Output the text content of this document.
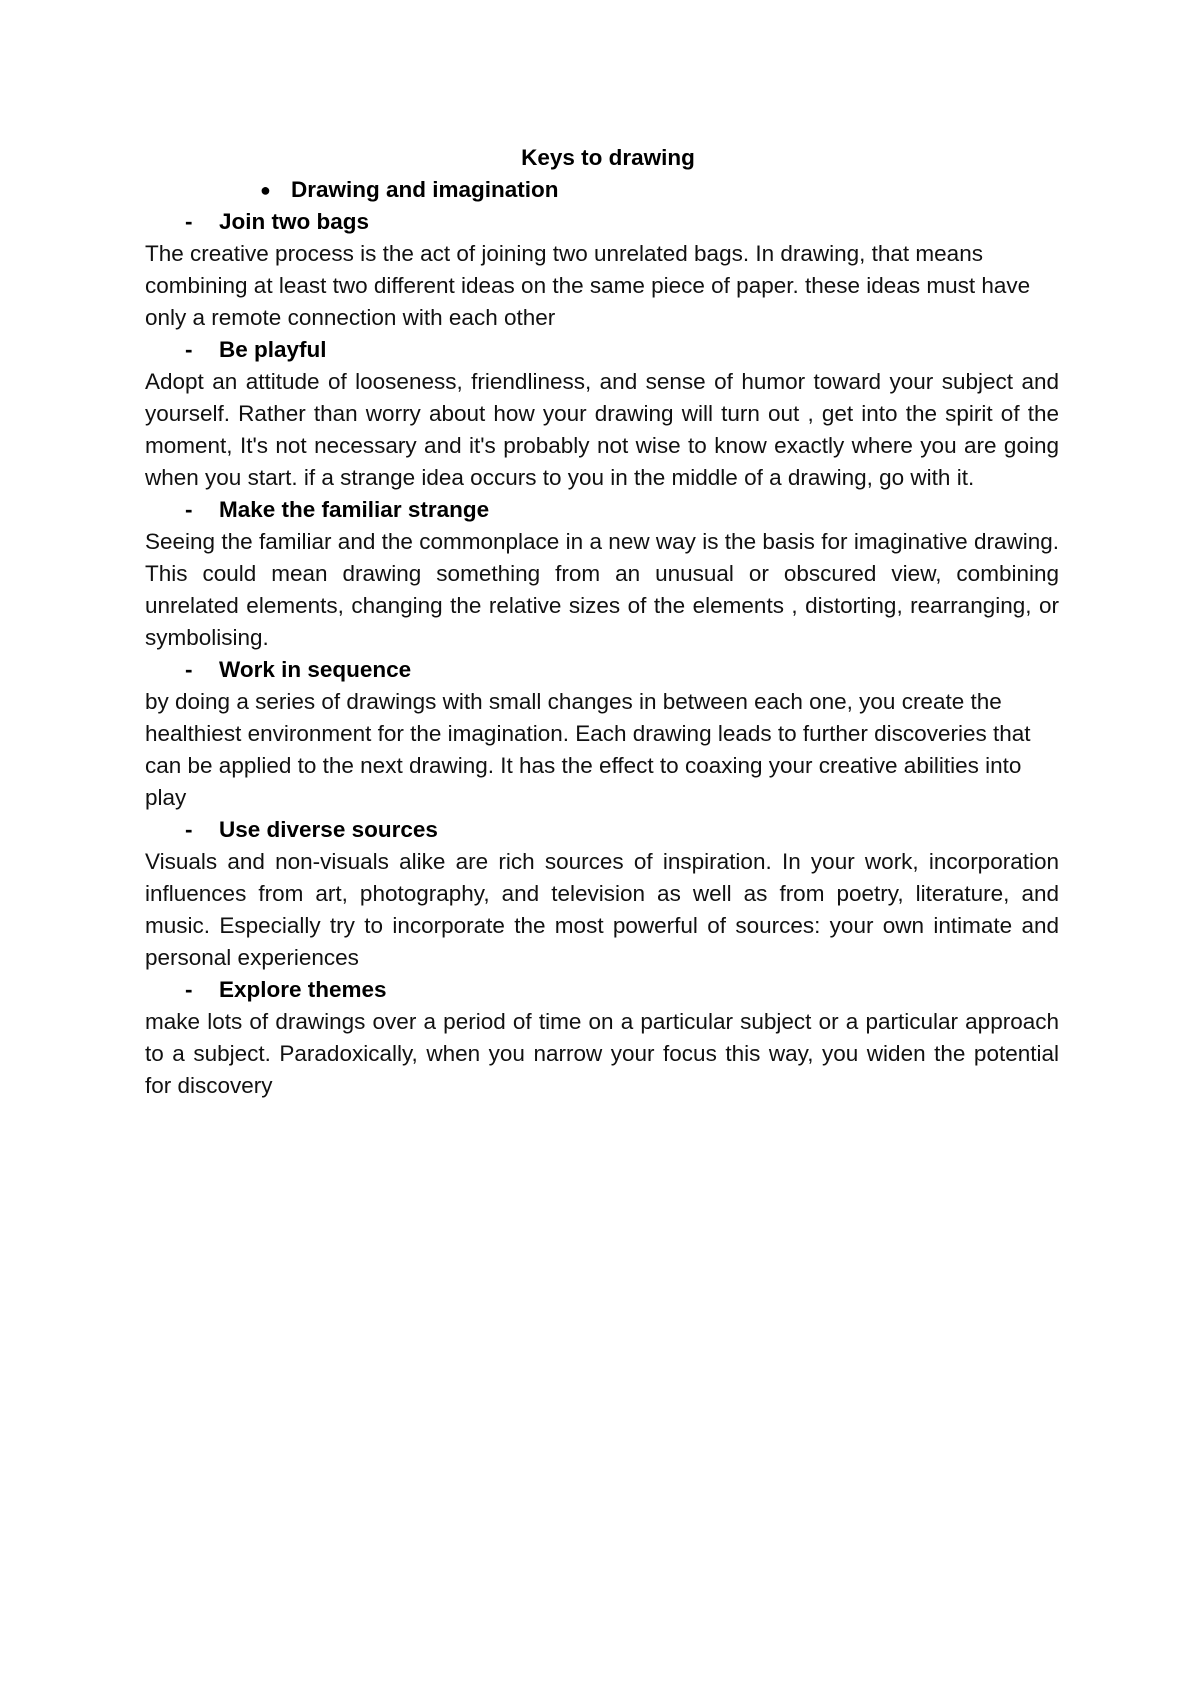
Keys to drawing

● Drawing and imagination

- Join two bags

The creative process is the act of joining two unrelated bags. In drawing, that means combining at least two different ideas on the same piece of paper. these ideas must have only a remote connection with each other

- Be playful

Adopt an attitude of looseness, friendliness, and sense of humor toward your subject and yourself. Rather than worry about how your drawing will turn out , get into the spirit of the moment, It's not necessary and it's probably not wise to know exactly where you are going when you start. if a strange idea occurs to you in the middle of a drawing, go with it.

- Make the familiar strange

Seeing the familiar and the commonplace in a new way is the basis for imaginative drawing. This could mean drawing something from an unusual or obscured view, combining unrelated elements, changing the relative sizes of the elements , distorting, rearranging, or symbolising.

- Work in sequence

by doing a series of drawings with small changes in between each one, you create the healthiest environment for the imagination. Each drawing leads to further discoveries that can be applied to the next drawing. It has the effect to coaxing your creative abilities into play

- Use diverse sources

Visuals and non-visuals alike are rich sources of inspiration. In your work, incorporation influences from art, photography, and television as well as from poetry, literature, and music. Especially try to incorporate the most powerful of sources: your own intimate and personal experiences

- Explore themes

make lots of drawings over a period of time on a particular subject or a particular approach to a subject. Paradoxically, when you narrow your focus this way, you widen the potential for discovery
